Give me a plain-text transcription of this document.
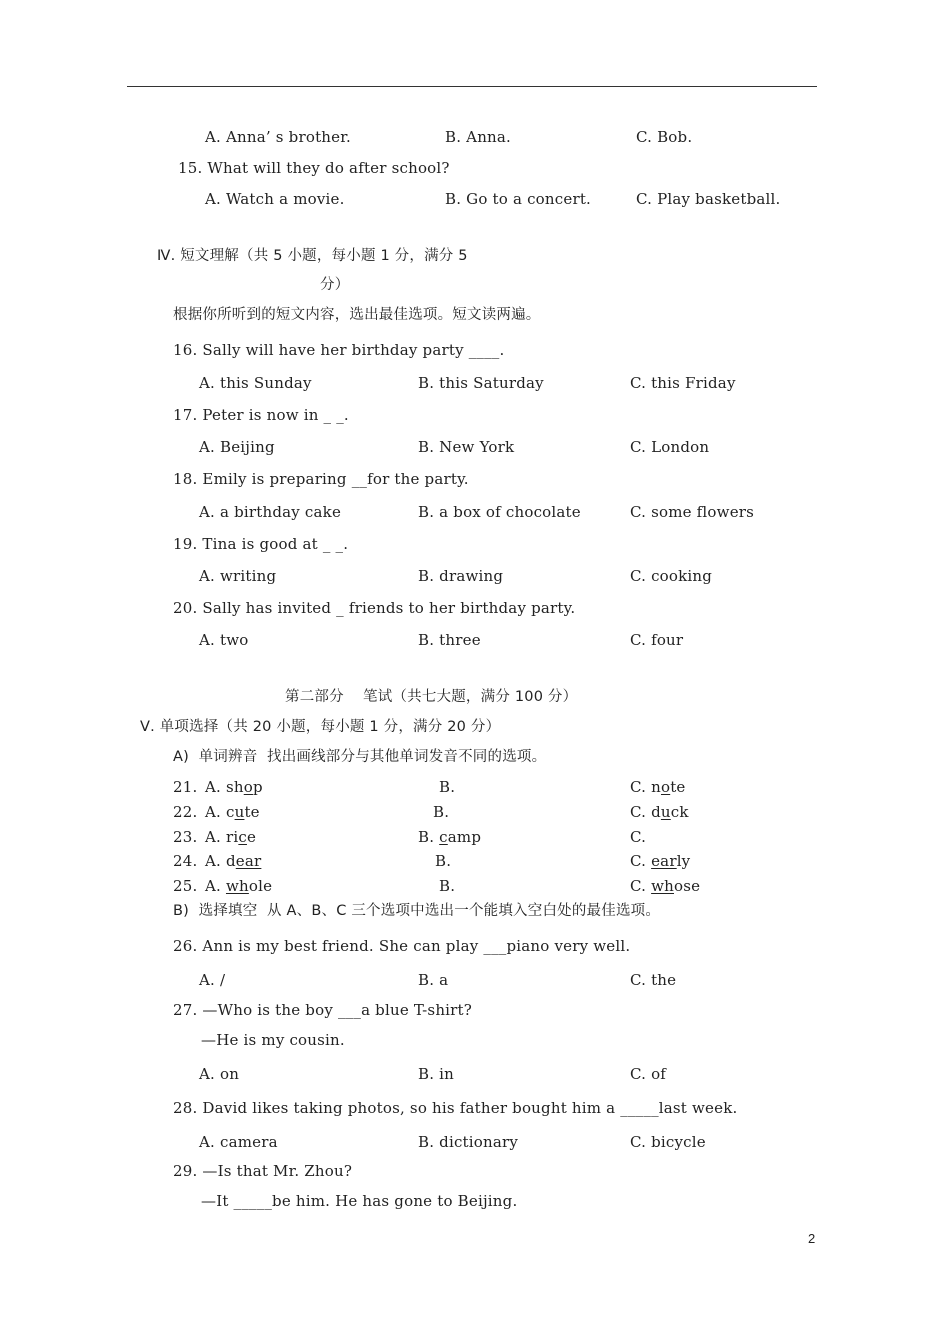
A. Anna’ s brother.	B. Anna.	C. Bob.
15. What will they do after school?
A. Watch a movie.	B. Go to a concert.	C. Play basketball.
Ⅳ. 短文理解（共 5 小题，每小题 1 分，满分 5
分）
根据你所听到的短文内容，选出最佳选项。短文读两遍。
16. Sally will have her birthday party ____.
A. this Sunday	B. this Saturday	C. this Friday
17. Peter is now in _ _.
A. Beijing	B. New York	C. London
18. Emily is preparing __for the party.
A. a birthday cake	B. a box of chocolate	C. some flowers
19. Tina is good at _ _.
A. writing	B. drawing	C. cooking
20. Sally has invited _ friends to her birthday party.
A. two	B. three	C. four
第二部分    笔试（共七大题，满分 100 分）
Ⅴ. 单项选择（共 20 小题，每小题 1 分，满分 20 分）
A)  单词辨音  找出画线部分与其他单词发音不同的选项。
21. A. shop	B.	C. note
22. A. cute	B.	C. duck
23. A. rice	B. camp	C.
24. A. dear	B.	C. early
25. A. whole	B.	C. whose
B)  选择填空  从 A、B、C 三个选项中选出一个能填入空白处的最佳选项。
26. Ann is my best friend. She can play ___piano very well.
A. /	B. a	C. the
27. —Who is the boy ___a blue T-shirt?
—He is my cousin.
A. on	B. in	C. of
28. David likes taking photos, so his father bought him a _____last week.
A. camera	B. dictionary	C. bicycle
29. —Is that Mr. Zhou?
—It _____be him. He has gone to Beijing.
2
